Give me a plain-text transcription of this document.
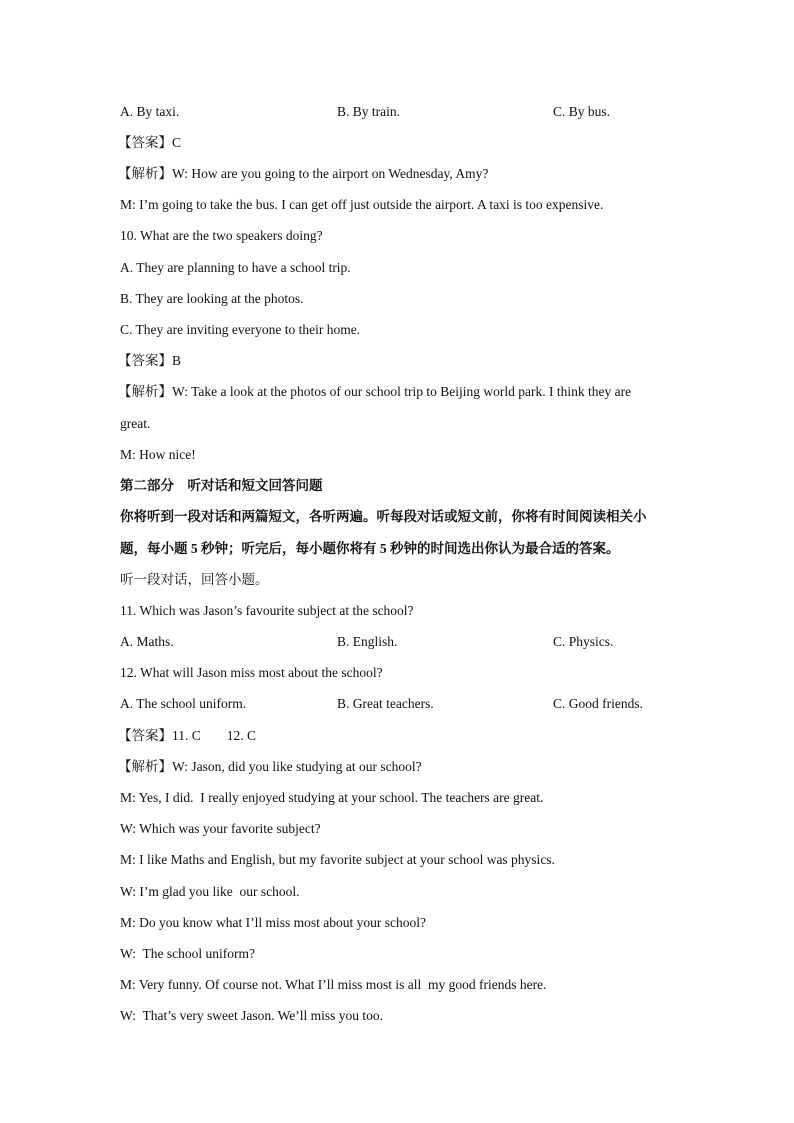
A. By taxi.	B. By train.	C. By bus.
【答案】C
【解析】W: How are you going to the airport on Wednesday, Amy?
M: I’m going to take the bus. I can get off just outside the airport. A taxi is too expensive.
10. What are the two speakers doing?
A. They are planning to have a school trip.
B. They are looking at the photos.
C. They are inviting everyone to their home.
【答案】B
【解析】W: Take a look at the photos of our school trip to Beijing world park. I think they are
great.
M: How nice!
第二部分    听对话和短文回答问题
你将听到一段对话和两篇短文，各听两遍。听每段对话或短文前，你将有时间阅读相关小
题，每小题 5 秒钟；听完后，每小题你将有 5 秒钟的时间选出你认为最合适的答案。
听一段对话，回答小题。
11. Which was Jason’s favourite subject at the school?
A. Maths.	B. English.	C. Physics.
12. What will Jason miss most about the school?
A. The school uniform.	B. Great teachers.	C. Good friends.
【答案】11. C 12. C
【解析】W: Jason, did you like studying at our school?
M: Yes, I did.  I really enjoyed studying at your school. The teachers are great.
W: Which was your favorite subject?
M: I like Maths and English, but my favorite subject at your school was physics.
W: I’m glad you like  our school.
M: Do you know what I’ll miss most about your school?
W:  The school uniform?
M: Very funny. Of course not. What I’ll miss most is all  my good friends here.
W:  That’s very sweet Jason. We’ll miss you too.
